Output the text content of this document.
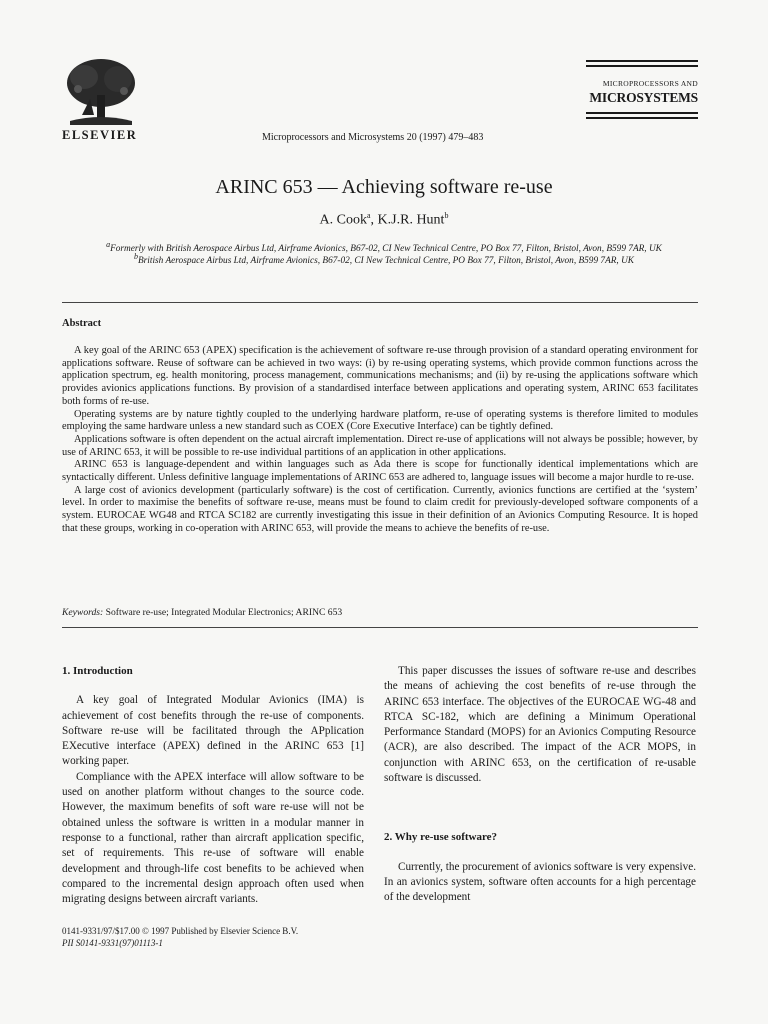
ELSEVIER	Microprocessors and Microsystems 20 (1997) 479–483
MICROPROCESSORS AND
MICROSYSTEMS
ARINC 653 — Achieving software re-use
A. Cook$^a$, K.J.R. Hunt$^b$
$^a$Formerly with British Aerospace Airbus Ltd, Airframe Avionics, B67-02, CI New Technical Centre, PO Box 77, Filton, Bristol, Avon, B599 7AR, UK
$^b$British Aerospace Airbus Ltd, Airframe Avionics, B67-02, CI New Technical Centre, PO Box 77, Filton, Bristol, Avon, B599 7AR, UK
Abstract

A key goal of the ARINC 653 (APEX) specification is the achievement of software re-use through provision of a standard operating environment for applications software. Reuse of software can be achieved in two ways: (i) by re-using operating systems, which provide common functions across the application spectrum, eg. health monitoring, process management, communications mechanisms; and (ii) by re-using the applications software which provides avionics applications functions. By provision of a standardised interface between applications and operating system, ARINC 653 facilitates both forms of re-use.

Operating systems are by nature tightly coupled to the underlying hardware platform, re-use of operating systems is therefore limited to modules employing the same hardware unless a new standard such as COEX (Core Executive Interface) can be tightly defined.

Applications software is often dependent on the actual aircraft implementation. Direct re-use of applications will not always be possible; however, by use of ARINC 653, it will be possible to re-use individual partitions of an application in other applications.

ARINC 653 is language-dependent and within languages such as Ada there is scope for functionally identical implementations which are syntactically different. Unless definitive language implementations of ARINC 653 are adhered to, language issues will become a major hurdle to re-use.

A large cost of avionics development (particularly software) is the cost of certification. Currently, avionics functions are certified at the ‘system’ level. In order to maximise the benefits of software re-use, means must be found to claim credit for previously-developed software components of a system. EUROCAE WG48 and RTCA SC182 are currently investigating this issue in their definition of an Avionics Computing Resource. It is hoped that these groups, working in co-operation with ARINC 653, will provide the means to achieve the benefits of re-use.

Keywords: Software re-use; Integrated Modular Electronics; ARINC 653
1. Introduction

A key goal of Integrated Modular Avionics (IMA) is achievement of cost benefits through the re-use of components. Software re-use will be facilitated through the APplication EXecutive interface (APEX) defined in the ARINC 653 [1] working paper.

Compliance with the APEX interface will allow software to be used on another platform without changes to the source code. However, the maximum benefits of soft ware re-use will not be obtained unless the software is written in a modular manner in response to a functional, rather than aircraft application specific, set of requirements. This re-use of software will enable development and through-life cost benefits to be achieved when compared to the incremental design approach often used when migrating designs between aircraft variants.

This paper discusses the issues of software re-use and describes the means of achieving the cost benefits of re-use through the ARINC 653 interface. The objectives of the EUROCAE WG-48 and RTCA SC-182, which are defining a Minimum Operational Performance Standard (MOPS) for an Avionics Computing Resource (ACR), are also described. The impact of the ACR MOPS, in conjunction with ARINC 653, on the certification of re-usable software is discussed.

2. Why re-use software?

Currently, the procurement of avionics software is very expensive. In an avionics system, software often accounts for a high percentage of the development

0141-9331/97/$17.00 © 1997 Published by Elsevier Science B.V.
PII S0141-9331(97)01113-1
